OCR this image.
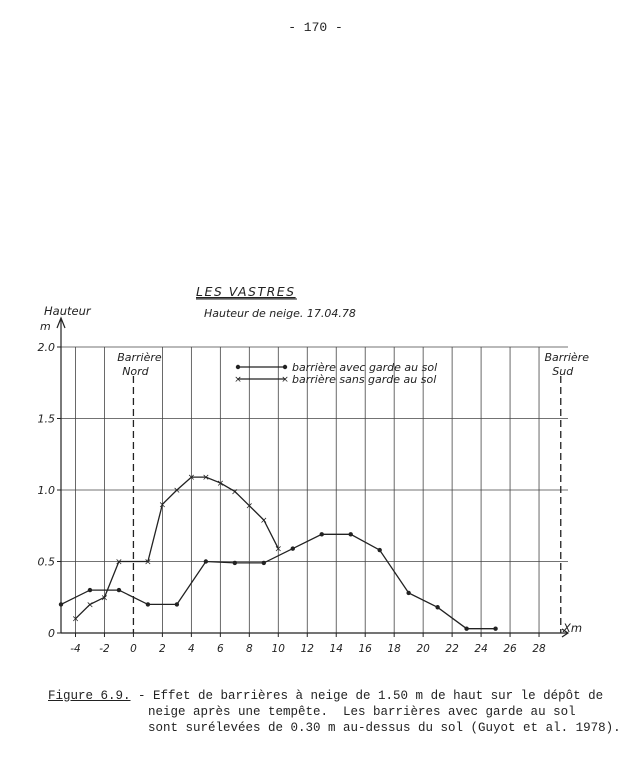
- 170 -
LES VASTRES
Hauteur de neige. 17.04.78
Hauteur
m
Xm
0
0.5
1.0
1.5
2.0
-4 -2 0 2 4 6 8 10 12 14 16 18 20 22 24 26 28
Barrière
Nord
Barrière
Sud
×
×
×
× ×
×
×
× ×
×
×
×
×
×
barrière avec garde au sol
×	× barrière sans garde au sol
Figure 6.9. - Effet de barrières à neige de 1.50 m de haut sur le dépôt de
neige après une tempête.  Les barrières avec garde au sol
sont surélevées de 0.30 m au-dessus du sol (Guyot et al. 1978).
